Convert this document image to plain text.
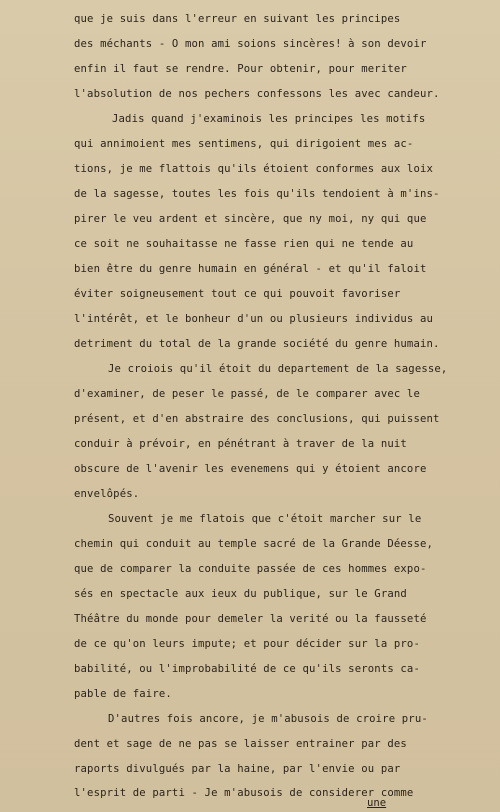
que je suis dans l'erreur en suivant les principes
des méchants - O mon ami soions sincères! à son devoir
enfin il faut se rendre. Pour obtenir, pour meriter
l'absolution de nos pechers confessons les avec candeur.
Jadis quand j'examinois les principes les motifs
qui annimoient mes sentimens, qui dirigoient mes ac-
tions, je me flattois qu'ils étoient conformes aux loix
de la sagesse, toutes les fois qu'ils tendoient à m'ins-
pirer le veu ardent et sincère, que ny moi, ny qui que
ce soit ne souhaitasse ne fasse rien qui ne tende au
bien être du genre humain en général - et qu'il faloit
éviter soigneusement tout ce qui pouvoit favoriser
l'intérêt, et le bonheur d'un ou plusieurs individus au
detriment du total de la grande société du genre humain.
Je croiois qu'il étoit du departement de la sagesse,
d'examiner, de peser le passé, de le comparer avec le
présent, et d'en abstraire des conclusions, qui puissent
conduir à prévoir, en pénétrant à traver de la nuit
obscure de l'avenir les evenemens qui y étoient ancore
envelôpés.
Souvent je me flatois que c'étoit marcher sur le
chemin qui conduit au temple sacré de la Grande Déesse,
que de comparer la conduite passée de ces hommes expo-
sés en spectacle aux ieux du publique, sur le Grand
Théâtre du monde pour demeler la verité ou la fausseté
de ce qu'on leurs impute; et pour décider sur la pro-
babilité, ou l'improbabilité de ce qu'ils seronts ca-
pable de faire.
D'autres fois ancore, je m'abusois de croire pru-
dent et sage de ne pas se laisser entrainer par des
raports divulgués par la haine, par l'envie ou par
l'esprit de parti - Je m'abusois de considerer comme
une
